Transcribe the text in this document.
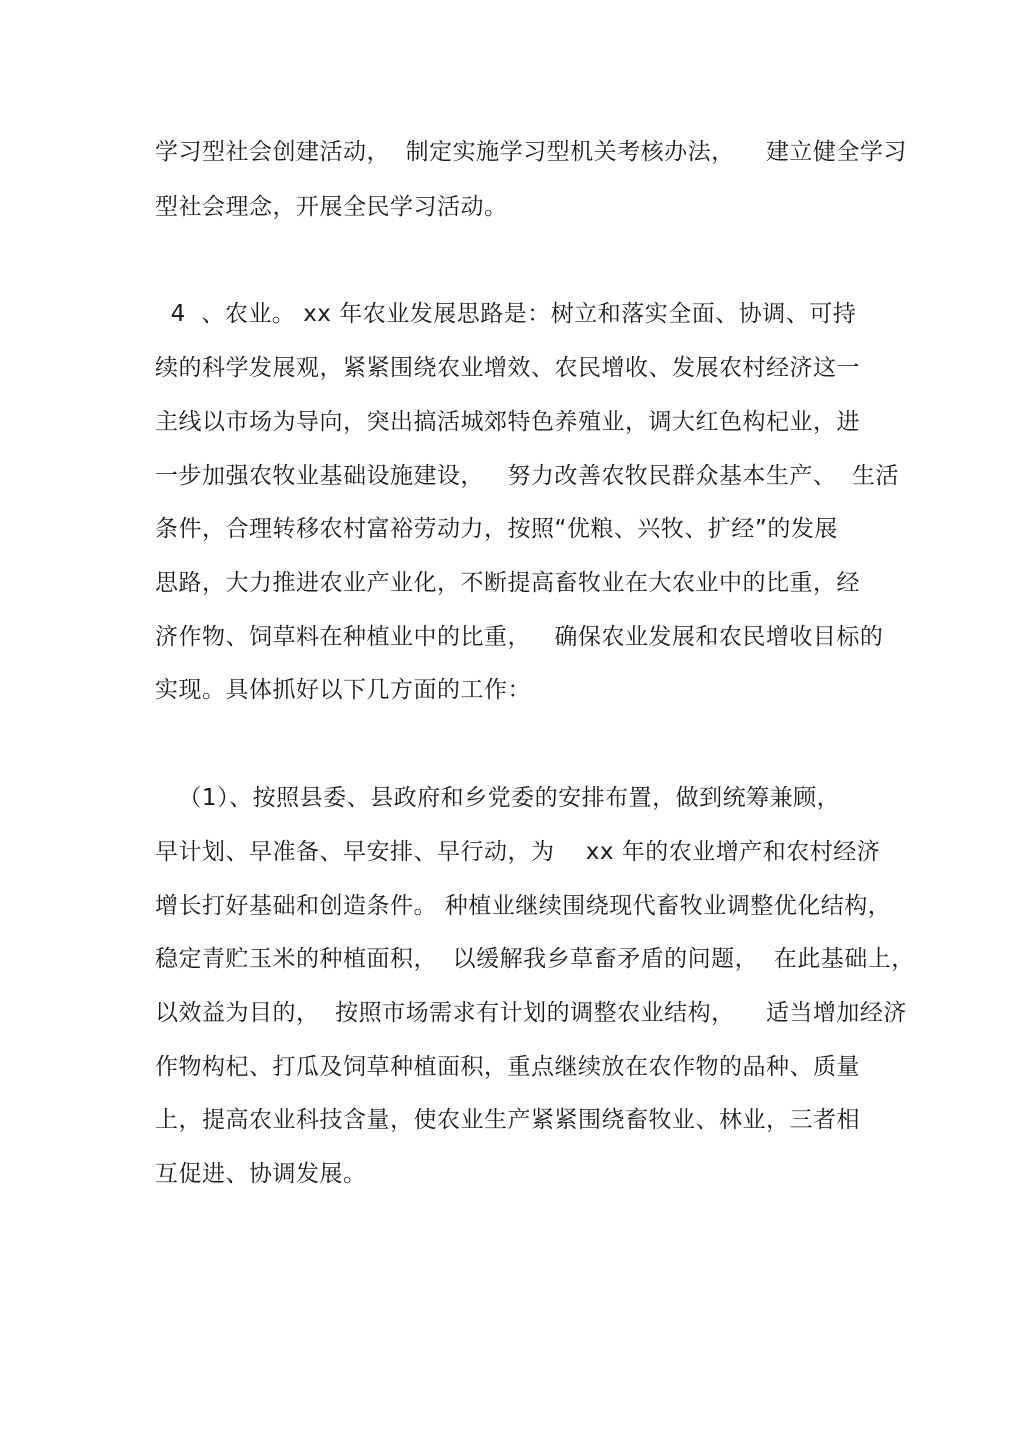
学习型社会创建活动，  制定实施学习型机关考核办法，    建立健全学习
型社会理念，开展全民学习活动。
4  、农业。 xx 年农业发展思路是：树立和落实全面、协调、可持
续的科学发展观，紧紧围绕农业增效、农民增收、发展农村经济这一
主线以市场为导向，突出搞活城郊特色养殖业，调大红色构杞业，进
一步加强农牧业基础设施建设，   努力改善农牧民群众基本生产、  生活
条件，合理转移农村富裕劳动力，按照“优粮、兴牧、扩经”的发展
思路，大力推进农业产业化，不断提高畜牧业在大农业中的比重，经
济作物、饲草料在种植业中的比重，   确保农业发展和农民增收目标的
实现。具体抓好以下几方面的工作：
（1）、按照县委、县政府和乡党委的安排布置，做到统筹兼顾，
早计划、早准备、早安排、早行动，为    xx 年的农业增产和农村经济
增长打好基础和创造条件。 种植业继续围绕现代畜牧业调整优化结构，
稳定青贮玉米的种植面积，  以缓解我乡草畜矛盾的问题，  在此基础上，
以效益为目的，  按照市场需求有计划的调整农业结构，    适当增加经济
作物构杞、打瓜及饲草种植面积，重点继续放在农作物的品种、质量
上，提高农业科技含量，使农业生产紧紧围绕畜牧业、林业，三者相
互促进、协调发展。
